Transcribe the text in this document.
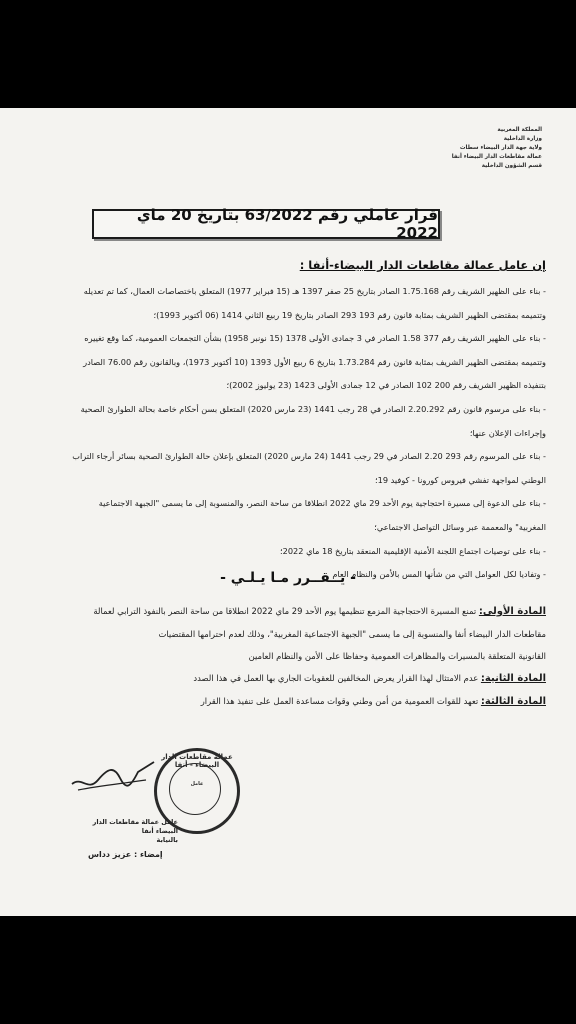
المملكة المغربية
وزارة الداخلية
ولاية جهة الدار البيضاء سطات
عمالة مقاطعات الدار البيضاء أنفا
قسم الشؤون الداخلية
قرار عاملي رقم 63/2022 بتاريخ 20 ماي 2022
إن عامل عمالة مقاطعات الدار البيضاء-أنفا :

- بناء على الظهير الشريف رقم 1.75.168 الصادر بتاريخ 25 صفر 1397 هـ (15 فبراير 1977) المتعلق باختصاصات العمال، كما تم تعديله

وتتميمه بمقتضى الظهير الشريف بمثابة قانون رقم 193 293 الصادر بتاريخ 19 ربيع الثاني 1414 (06 أكتوبر 1993)؛

- بناء على الظهير الشريف رقم 377 1.58 الصادر في 3 جمادى الأولى 1378 (15 نونبر 1958) بشأن التجمعات العمومية، كما وقع تغييره

وتتميمه بمقتضى الظهير الشريف بمثابة قانون رقم 1.73.284 بتاريخ 6 ربيع الأول 1393 (10 أكتوبر 1973)، وبالقانون رقم 76.00 الصادر

بتنفيذه الظهير الشريف رقم 200 102 الصادر في 12 جمادى الأولى 1423 (23 يوليوز 2002)؛

- بناء على مرسوم قانون رقم 2.20.292 الصادر في 28 رجب 1441 (23 مارس 2020) المتعلق بسن أحكام خاصة بحالة الطوارئ الصحية

وإجراءات الإعلان عنها؛

- بناء على المرسوم رقم 293 2.20 الصادر في 29 رجب 1441 (24 مارس 2020) المتعلق بإعلان حالة الطوارئ الصحية بسائر أرجاء التراب

الوطني لمواجهة تفشي فيروس كورونا - كوفيد 19؛

- بناء على الدعوة إلى مسيرة احتجاجية يوم الأحد 29 ماي 2022 انطلاقا من ساحة النصر، والمنسوبة إلى ما يسمى "الجبهة الاجتماعية

المغربية" والمعممة عبر وسائل التواصل الاجتماعي؛

- بناء على توصيات اجتماع اللجنة الأمنية الإقليمية المنعقد بتاريخ 18 ماي 2022؛

- وتفاديا لكل العوامل التي من شأنها المس بالأمن والنظام العام

- يــقــرر مـا يـلـي -

المادة الأولى: تمنع المسيرة الاحتجاجية المزمع تنظيمها يوم الأحد 29 ماي 2022 انطلاقا من ساحة النصر بالنفوذ الترابي لعمالة

مقاطعات الدار البيضاء أنفا والمنسوبة إلى ما يسمى "الجبهة الاجتماعية المغربية"، وذلك لعدم احترامها المقتضيات

القانونية المتعلقة بالمسيرات والمظاهرات العمومية وحفاظا على الأمن والنظام العامين

المادة الثانية: عدم الامتثال لهذا القرار يعرض المخالفين للعقوبات الجاري بها العمل في هذا الصدد

المادة الثالثة: تعهد للقوات العمومية من أمن وطني وقوات مساعدة العمل على تنفيذ هذا القرار

عمالة مقاطعات الدار البيضاء - أنفا
عامل
عامل عمالة مقاطعات الدار البيضاء أنفا
بالنيابة
إمضاء : عزيز دداس
